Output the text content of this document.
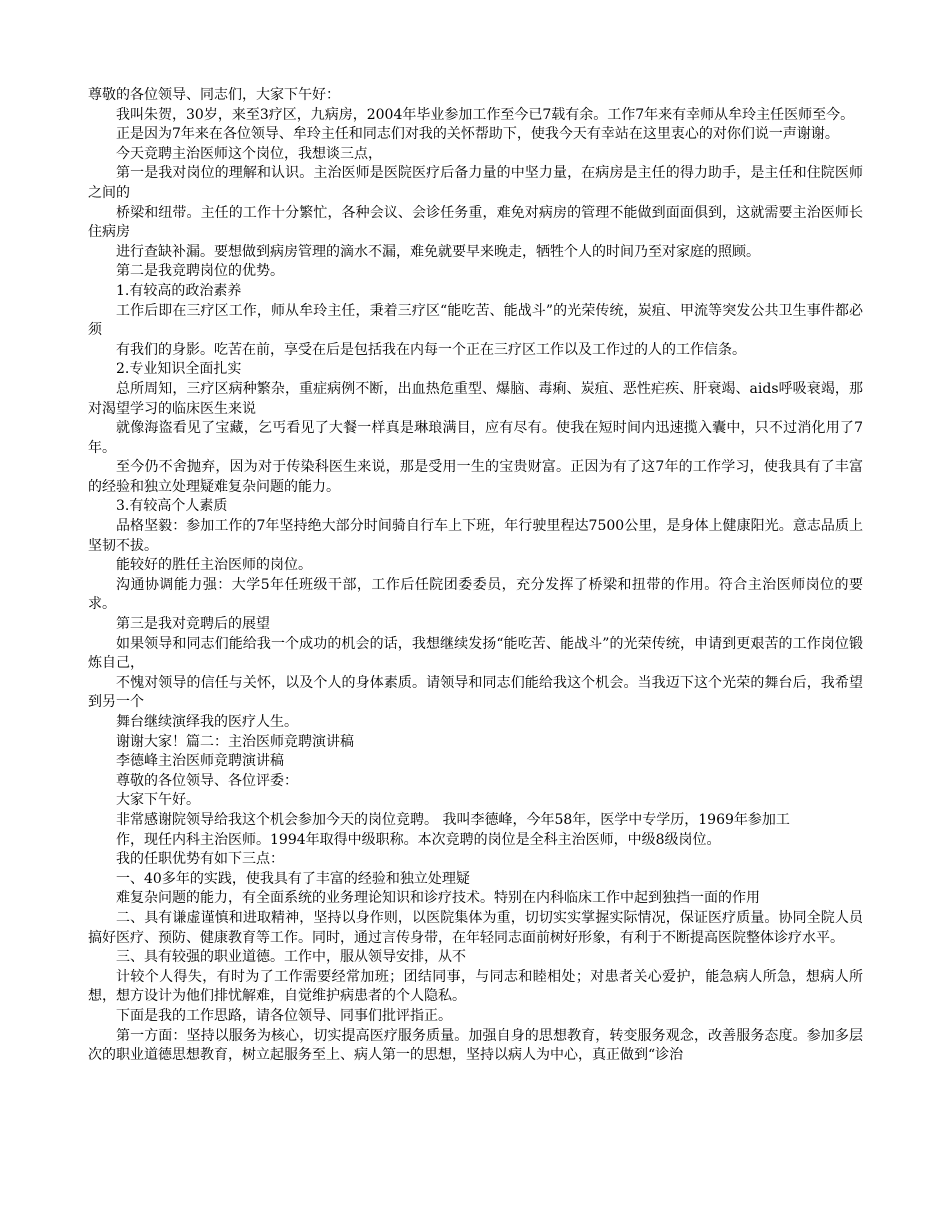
尊敬的各位领导、同志们，大家下午好：

我叫朱贺，30岁，来至3疗区，九病房，2004年毕业参加工作至今已7载有余。工作7年来有幸师从牟玲主任医师至今。

正是因为7年来在各位领导、牟玲主任和同志们对我的关怀帮助下，使我今天有幸站在这里衷心的对你们说一声谢谢。

今天竞聘主治医师这个岗位，我想谈三点，

第一是我对岗位的理解和认识。主治医师是医院医疗后备力量的中坚力量，在病房是主任的得力助手，是主任和住院医师之间的

桥梁和纽带。主任的工作十分繁忙，各种会议、会诊任务重，难免对病房的管理不能做到面面俱到，这就需要主治医师长住病房

进行查缺补漏。要想做到病房管理的滴水不漏，难免就要早来晚走，牺牲个人的时间乃至对家庭的照顾。

第二是我竞聘岗位的优势。

1.有较高的政治素养

工作后即在三疗区工作，师从牟玲主任，秉着三疗区“能吃苦、能战斗”的光荣传统，炭疽、甲流等突发公共卫生事件都必须

有我们的身影。吃苦在前，享受在后是包括我在内每一个正在三疗区工作以及工作过的人的工作信条。

2.专业知识全面扎实

总所周知，三疗区病种繁杂，重症病例不断，出血热危重型、爆脑、毒痢、炭疽、恶性疟疾、肝衰竭、aids呼吸衰竭，那对渴望学习的临床医生来说

就像海盗看见了宝藏，乞丐看见了大餐一样真是琳琅满目，应有尽有。使我在短时间内迅速揽入囊中，只不过消化用了7年。

至今仍不舍抛弃，因为对于传染科医生来说，那是受用一生的宝贵财富。正因为有了这7年的工作学习，使我具有了丰富的经验和独立处理疑难复杂问题的能力。

3.有较高个人素质

品格坚毅：参加工作的7年坚持绝大部分时间骑自行车上下班，年行驶里程达7500公里，是身体上健康阳光。意志品质上坚韧不拔。

能较好的胜任主治医师的岗位。

沟通协调能力强：大学5年任班级干部，工作后任院团委委员，充分发挥了桥梁和扭带的作用。符合主治医师岗位的要求。

第三是我对竞聘后的展望

如果领导和同志们能给我一个成功的机会的话，我想继续发扬“能吃苦、能战斗”的光荣传统，申请到更艰苦的工作岗位锻炼自己，

不愧对领导的信任与关怀，以及个人的身体素质。请领导和同志们能给我这个机会。当我迈下这个光荣的舞台后，我希望到另一个

舞台继续演绎我的医疗人生。

谢谢大家！篇二：主治医师竞聘演讲稿

李德峰主治医师竞聘演讲稿

尊敬的各位领导、各位评委：

大家下午好。

非常感谢院领导给我这个机会参加今天的岗位竞聘。 我叫李德峰，今年58年，医学中专学历，1969年参加工

作，现任内科主治医师。1994年取得中级职称。本次竞聘的岗位是全科主治医师，中级8级岗位。

我的任职优势有如下三点：

一、40多年的实践，使我具有了丰富的经验和独立处理疑

难复杂问题的能力，有全面系统的业务理论知识和诊疗技术。特别在内科临床工作中起到独挡一面的作用

二、具有谦虚谨慎和进取精神，坚持以身作则，以医院集体为重，切切实实掌握实际情况，保证医疗质量。协同全院人员搞好医疗、预防、健康教育等工作。同时，通过言传身带，在年轻同志面前树好形象，有利于不断提高医院整体诊疗水平。

三、具有较强的职业道德。工作中，服从领导安排，从不

计较个人得失，有时为了工作需要经常加班；团结同事，与同志和睦相处；对患者关心爱护，能急病人所急，想病人所想，想方设计为他们排忧解难，自觉维护病患者的个人隐私。

下面是我的工作思路，请各位领导、同事们批评指正。

第一方面：坚持以服务为核心，切实提高医疗服务质量。加强自身的思想教育，转变服务观念，改善服务态度。参加多层次的职业道德思想教育，树立起服务至上、病人第一的思想，坚持以病人为中心，真正做到“诊治
